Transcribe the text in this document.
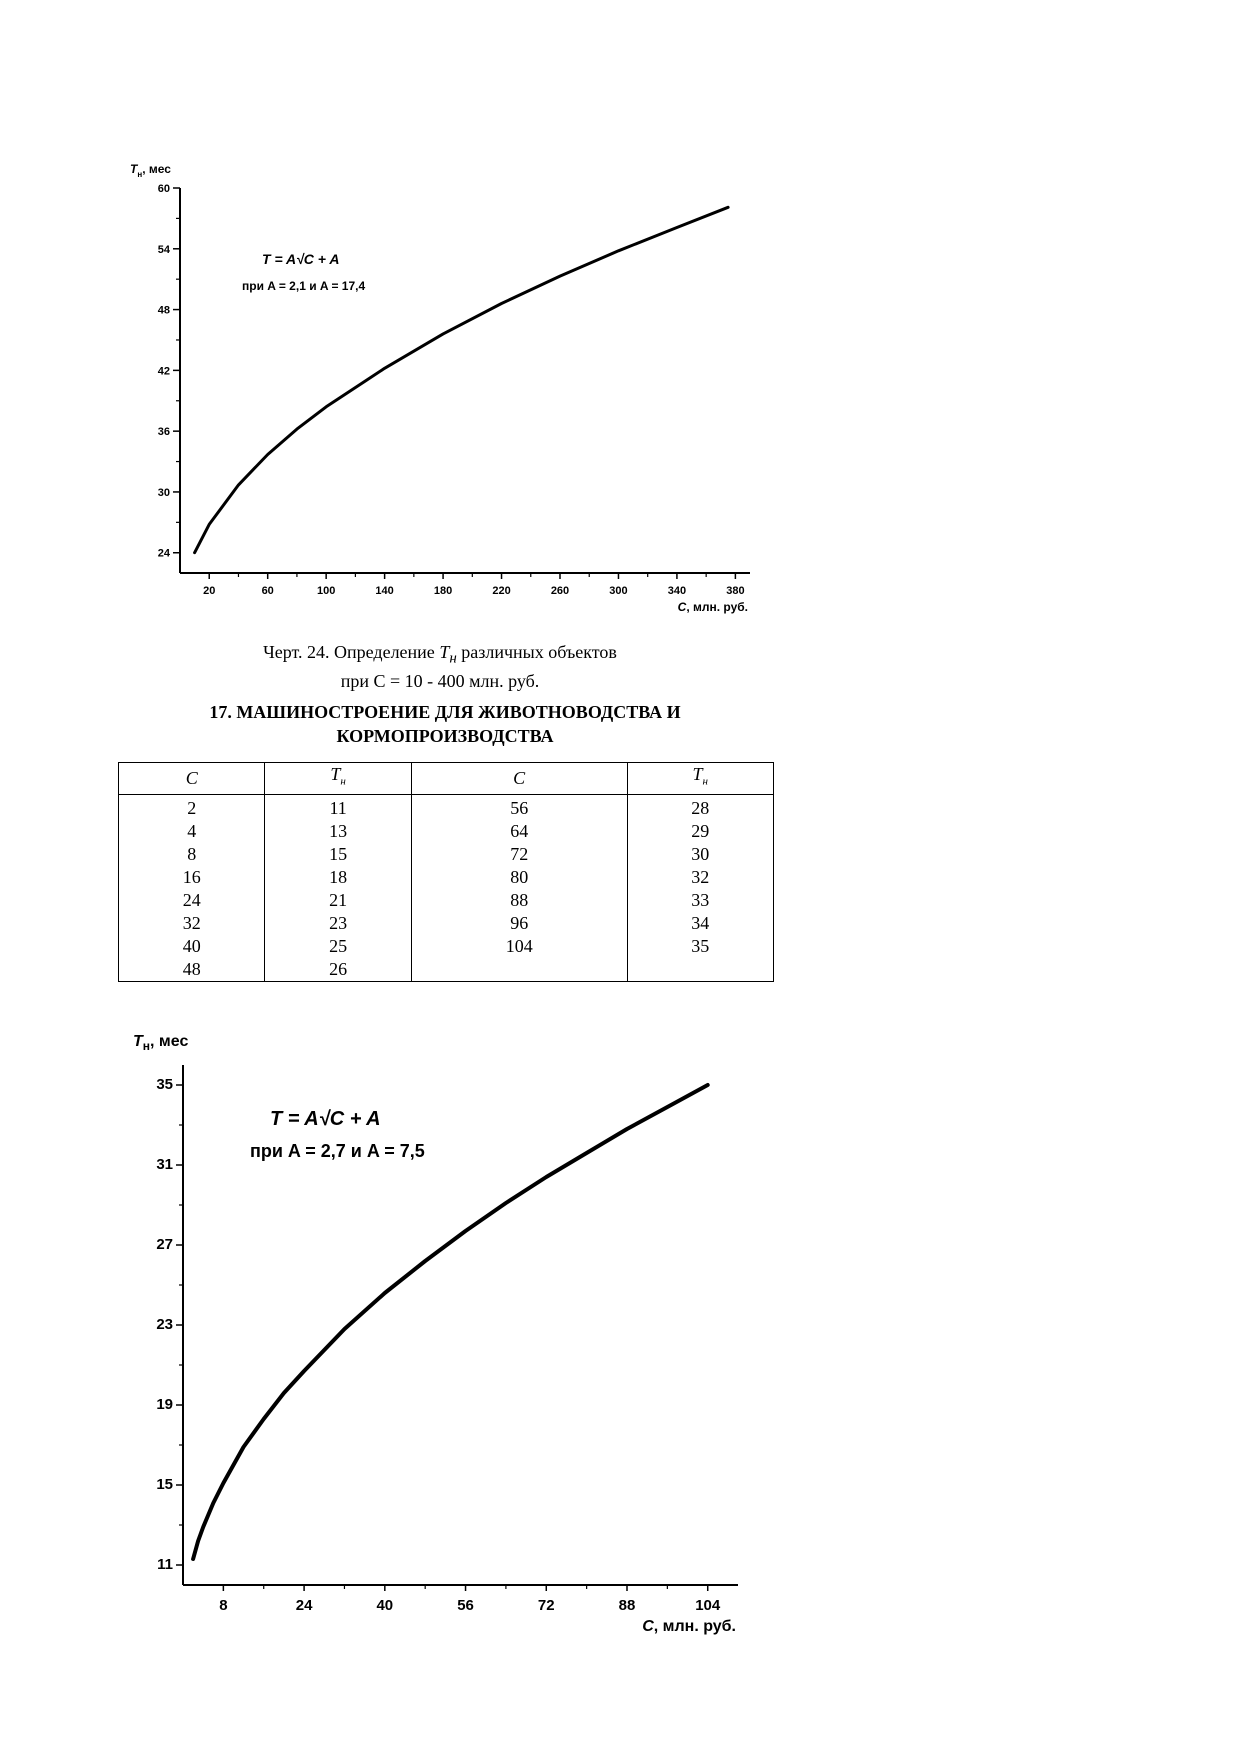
24
30
36
42
48
54
60
20	60	100	140	180	220	260	300	340	380
$T_н$, мес
C, млн. руб.
T = A√C + A
при A = 2,1 и A = 17,4
Черт. 24. Определение $Т_н$ различных объектов
при С = 10 - 400 млн. руб.
17. МАШИНОСТРОЕНИЕ ДЛЯ ЖИВОТНОВОДСТВА И
КОРМОПРОИЗВОДСТВА
С	$Т_н$	С	$Т_н$
2	11	56	28
4	13	64	29
8	15	72	30
16	18	80	32
24	21	88	33
32	23	96	34
40	25	104	35
48	26		
11
15
19
23
27
31
35
8	24	40	56	72	88	104
$T_н$, мес
C, млн. руб.
T = A√C + A
при A = 2,7 и A = 7,5
